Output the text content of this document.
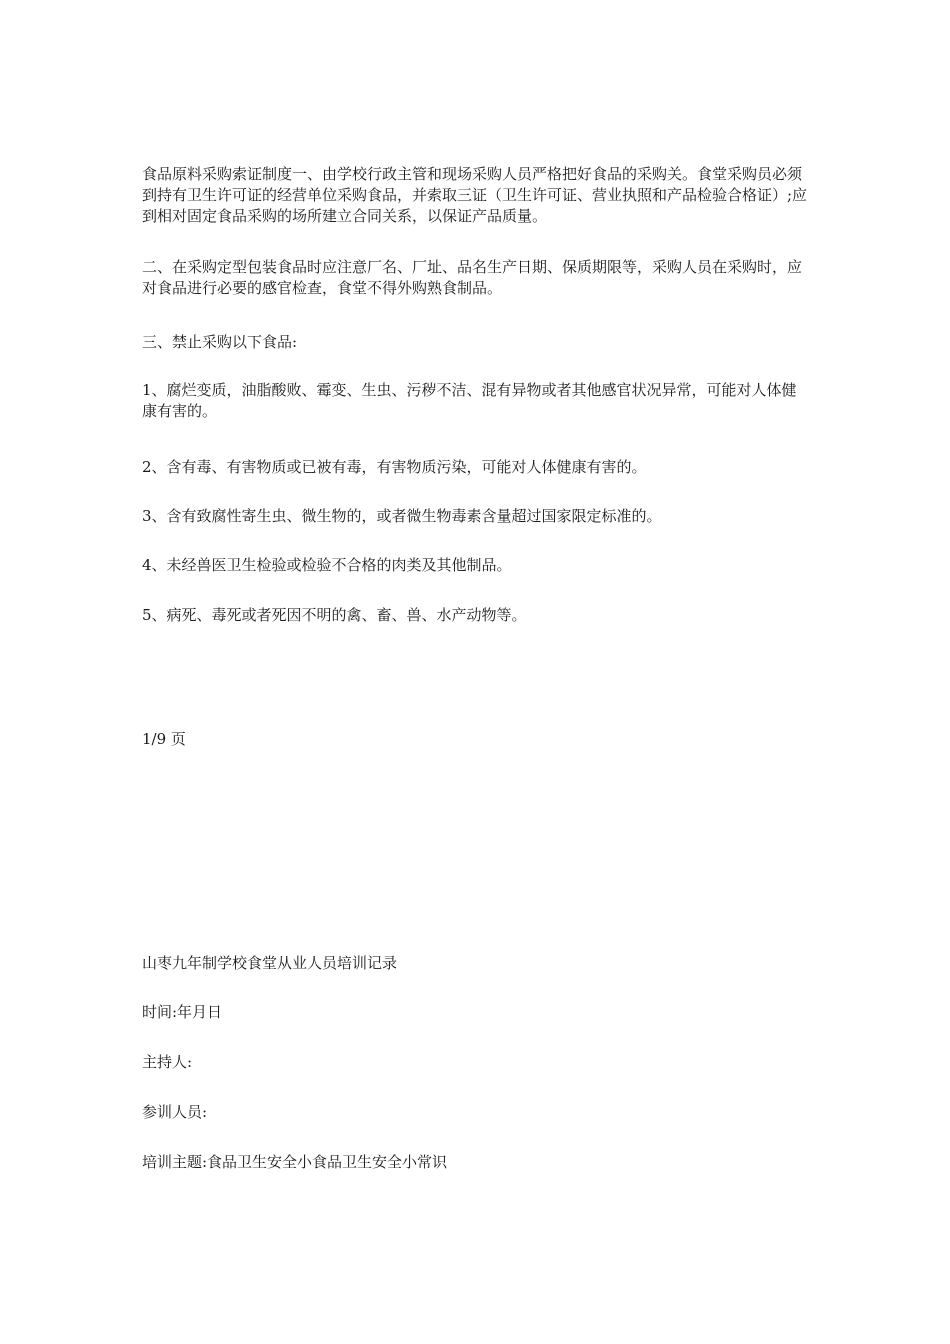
食品原料采购索证制度一、由学校行政主管和现场采购人员严格把好食品的采购关。食堂采购员必须到持有卫生许可证的经营单位采购食品，并索取三证（卫生许可证、营业执照和产品检验合格证）;应到相对固定食品采购的场所建立合同关系，以保证产品质量。

二、在采购定型包装食品时应注意厂名、厂址、品名生产日期、保质期限等，采购人员在采购时，应对食品进行必要的感官检查，食堂不得外购熟食制品。

三、禁止采购以下食品:

1、腐烂变质，油脂酸败、霉变、生虫、污秽不洁、混有异物或者其他感官状况异常，可能对人体健康有害的。

2、含有毒、有害物质或已被有毒，有害物质污染，可能对人体健康有害的。

3、含有致腐性寄生虫、微生物的，或者微生物毒素含量超过国家限定标准的。

4、未经兽医卫生检验或检验不合格的肉类及其他制品。

5、病死、毒死或者死因不明的禽、畜、兽、水产动物等。

1/9 页

山枣九年制学校食堂从业人员培训记录

时间:年月日

主持人:

参训人员:

培训主题:食品卫生安全小食品卫生安全小常识
